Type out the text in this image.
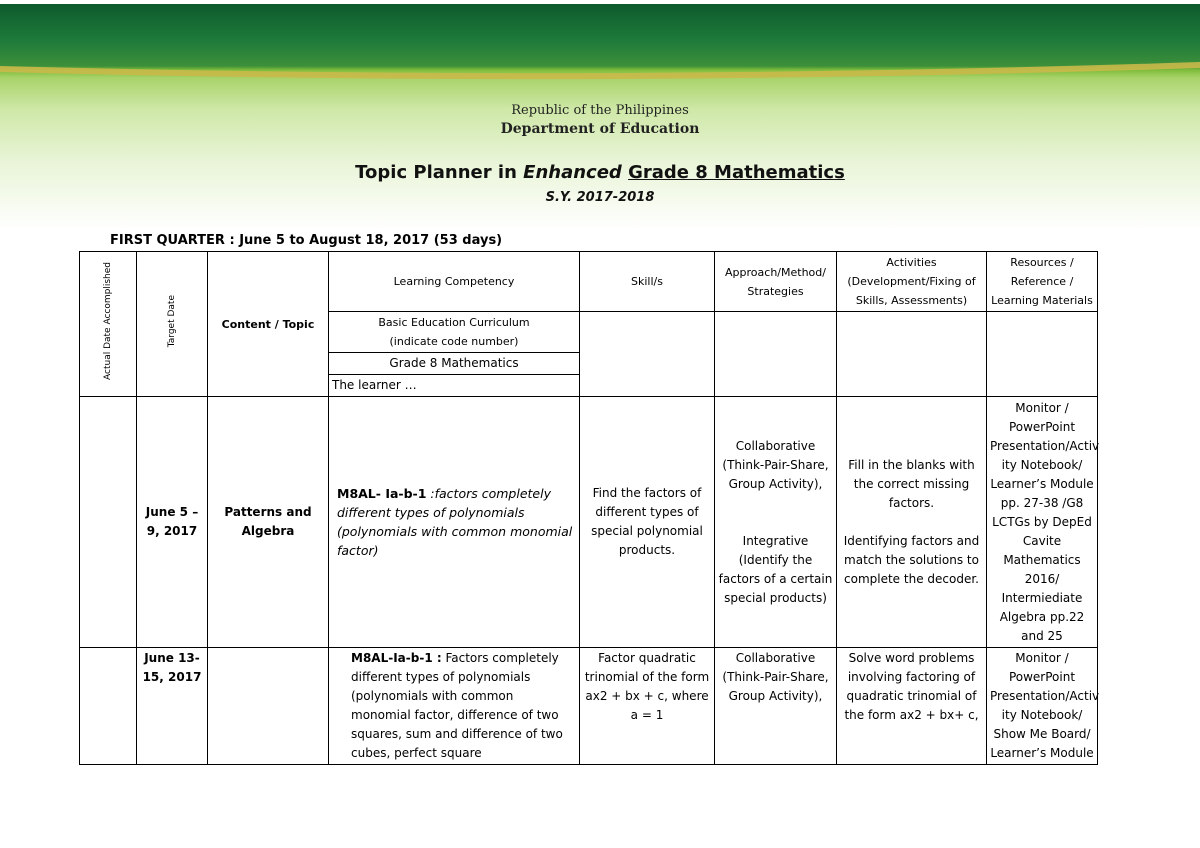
Republic of the Philippines
Department of Education
Topic Planner in Enhanced Grade 8 Mathematics
S.Y. 2017-2018
FIRST QUARTER : June 5 to August 18, 2017 (53 days)
Actual Date Accomplished	Target Date	Content / Topic	Learning Competency	Skill/s	Approach/Method/ Strategies	Activities (Development/Fixing of Skills, Assessments)	Resources / Reference / Learning Materials
			Basic Education Curriculum
(indicate code number)				
			Grade 8 Mathematics				
			The learner …				
	June 5 – 9, 2017	Patterns and Algebra	M8AL- Ia-b-1 :factors completely different types of polynomials (polynomials with common monomial factor)	Find the factors of different types of special polynomial products.	Collaborative (Think-Pair-Share, Group Activity),

Integrative (Identify the factors of a certain special products)	Fill in the blanks with the correct missing factors.

Identifying factors and match the solutions to complete the decoder.	Monitor / PowerPoint Presentation/Activ ity Notebook/ Learner’s Module pp. 27-38 /G8 LCTGs by DepEd Cavite Mathematics 2016/ Intermiediate Algebra pp.22 and 25
	June 13-15, 2017		M8AL-Ia-b-1 : Factors completely different types of polynomials (polynomials with common monomial factor, difference of two squares, sum and difference of two cubes, perfect square	Factor quadratic trinomial of the form ax2 + bx + c, where a = 1	Collaborative (Think-Pair-Share, Group Activity),	Solve word problems involving factoring of quadratic trinomial of the form ax2 + bx+ c,	Monitor / PowerPoint Presentation/Activ ity Notebook/ Show Me Board/ Learner’s Module
